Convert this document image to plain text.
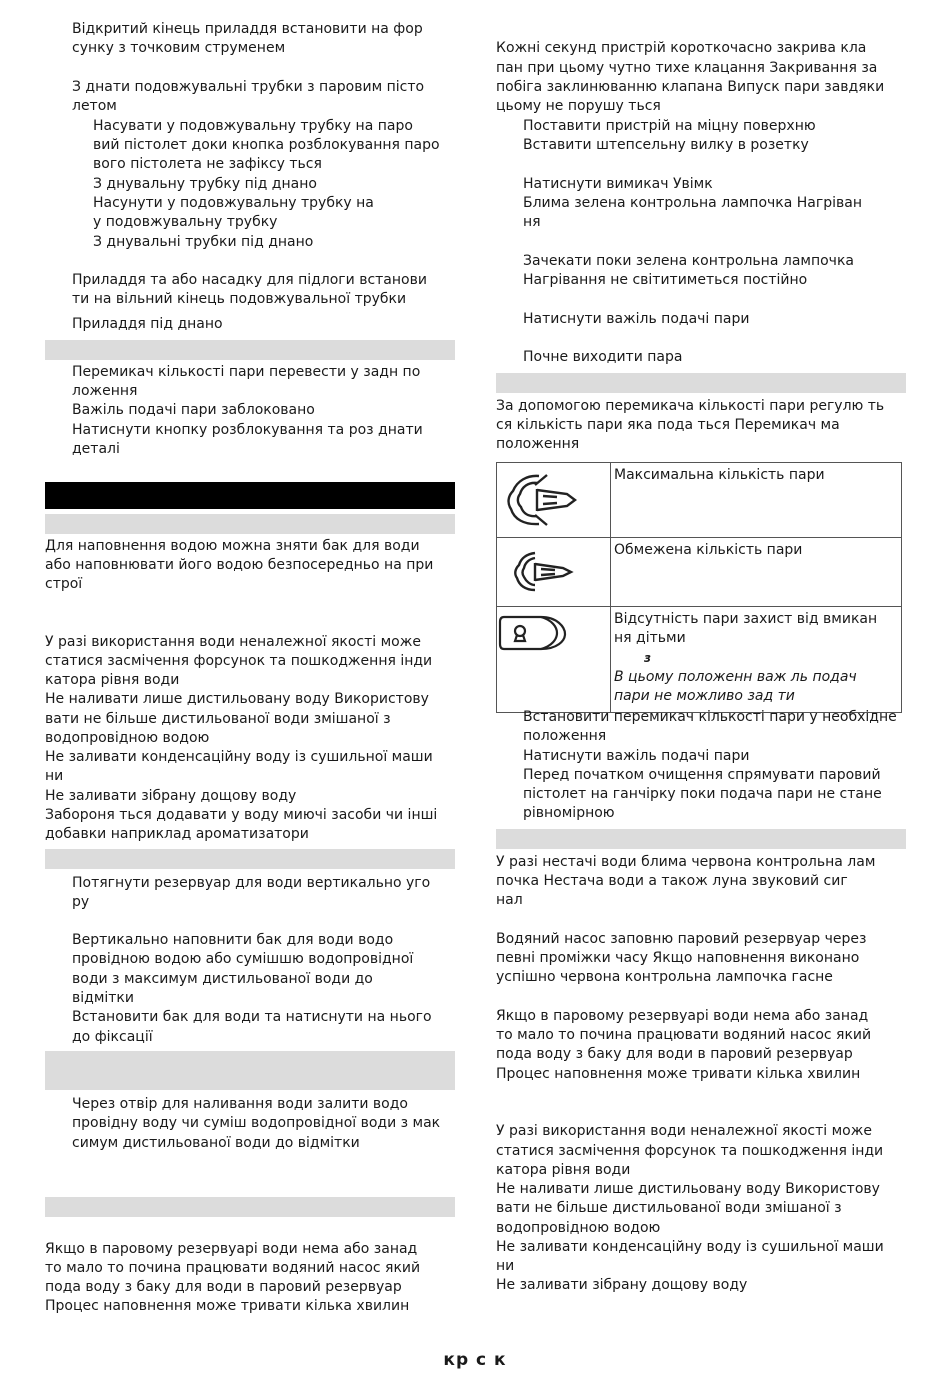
Відкритий кінець приладдя встановити на фор
сунку з точковим струменем
З днати подовжувальні трубки з паровим пісто
летом
Насувати у подовжувальну трубку на паро
вий пістолет доки кнопка розблокування паро
вого пістолета не зафіксу ться
З днувальну трубку під днано
Насунути у подовжувальну трубку на
у подовжувальну трубку
З днувальні трубки під днано
Приладдя та або насадку для підлоги встанови
ти на вільний кінець подовжувальної трубки
Приладдя під днано
Перемикач кількості пари перевести у задн по
ложення
Важіль подачі пари заблоковано
Натиснути кнопку розблокування та роз днати
деталі
Для наповнення водою можна зняти бак для води
або наповнювати його водою безпосередньо на при
строї
У разі використання води неналежної якості може
статися засмічення форсунок та пошкодження інди
катора рівня води
Не наливати лише дистильовану воду Використову
вати не більше дистильованої води змішаної з
водопровідною водою
Не заливати конденсаційну воду із сушильної маши
ни
Не заливати зібрану дощову воду
Забороня ться додавати у воду миючі засоби чи інші
добавки наприклад ароматизатори
Потягнути резервуар для води вертикально уго
ру
Вертикально наповнити бак для води водо
провідною водою або сумішшю водопровідної
води з максимум дистильованої води до
відмітки
Встановити бак для води та натиснути на нього
до фіксації
Через отвір для наливання води залити водо
провідну воду чи суміш водопровідної води з мак
симум дистильованої води до відмітки
Якщо в паровому резервуарі води нема або занад
то мало то почина працювати водяний насос який
пода воду з баку для води в паровий резервуар
Процес наповнення може тривати кілька хвилин
Кожні секунд пристрій короткочасно закрива кла
пан при цьому чутно тихе клацання Закривання за
побіга заклинюванню клапана Випуск пари завдяки
цьому не порушу ться
Поставити пристрій на міцну поверхню
Вставити штепсельну вилку в розетку
Натиснути вимикач Увімк
Блима зелена контрольна лампочка Нагріван
ня
Зачекати поки зелена контрольна лампочка
Нагрівання не світитиметься постійно
Натиснути важіль подачі пари
Почне виходити пара
За допомогою перемикача кількості пари регулю ть
ся кількість пари яка пода ться Перемикач ма
положення

Максимальна кількість пари

Обмежена кількість пари

Відсутність пари захист від вмикан
ня дітьми
з
В цьому положенн важ ль подач
пари не можливо зад ти
Встановити перемикач кількості пари у необхідне
положення
Натиснути важіль подачі пари
Перед початком очищення спрямувати паровий
пістолет на ганчірку поки подача пари не стане
рівномірною
У разі нестачі води блима червона контрольна лам
почка Нестача води а також луна звуковий сиг
нал
Водяний насос заповню паровий резервуар через
певні проміжки часу Якщо наповнення виконано
успішно червона контрольна лампочка гасне
Якщо в паровому резервуарі води нема або занад
то мало то почина працювати водяний насос який
пода воду з баку для води в паровий резервуар
Процес наповнення може тривати кілька хвилин
У разі використання води неналежної якості може
статися засмічення форсунок та пошкодження інди
катора рівня води
Не наливати лише дистильовану воду Використову
вати не більше дистильованої води змішаної з
водопровідною водою
Не заливати конденсаційну воду із сушильної маши
ни
Не заливати зібрану дощову воду
кр с к
